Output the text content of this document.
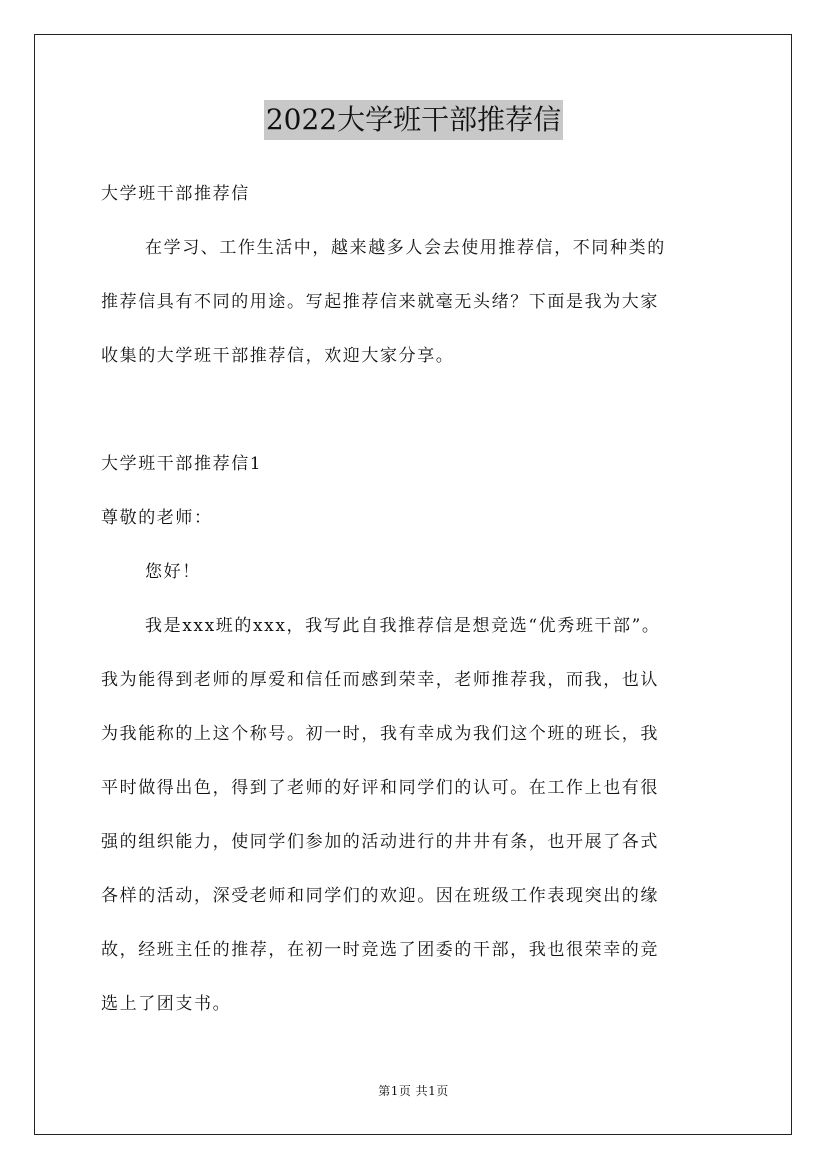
2022大学班干部推荐信
大学班干部推荐信
在学习、工作生活中，越来越多人会去使用推荐信，不同种类的
推荐信具有不同的用途。写起推荐信来就毫无头绪？下面是我为大家
收集的大学班干部推荐信，欢迎大家分享。
大学班干部推荐信1
尊敬的老师：
您好！
我是xxx班的xxx，我写此自我推荐信是想竞选“优秀班干部”。
我为能得到老师的厚爱和信任而感到荣幸，老师推荐我，而我，也认
为我能称的上这个称号。初一时，我有幸成为我们这个班的班长，我
平时做得出色，得到了老师的好评和同学们的认可。在工作上也有很
强的组织能力，使同学们参加的活动进行的井井有条，也开展了各式
各样的活动，深受老师和同学们的欢迎。因在班级工作表现突出的缘
故，经班主任的推荐，在初一时竞选了团委的干部，我也很荣幸的竞
选上了团支书。
第1页 共1页
